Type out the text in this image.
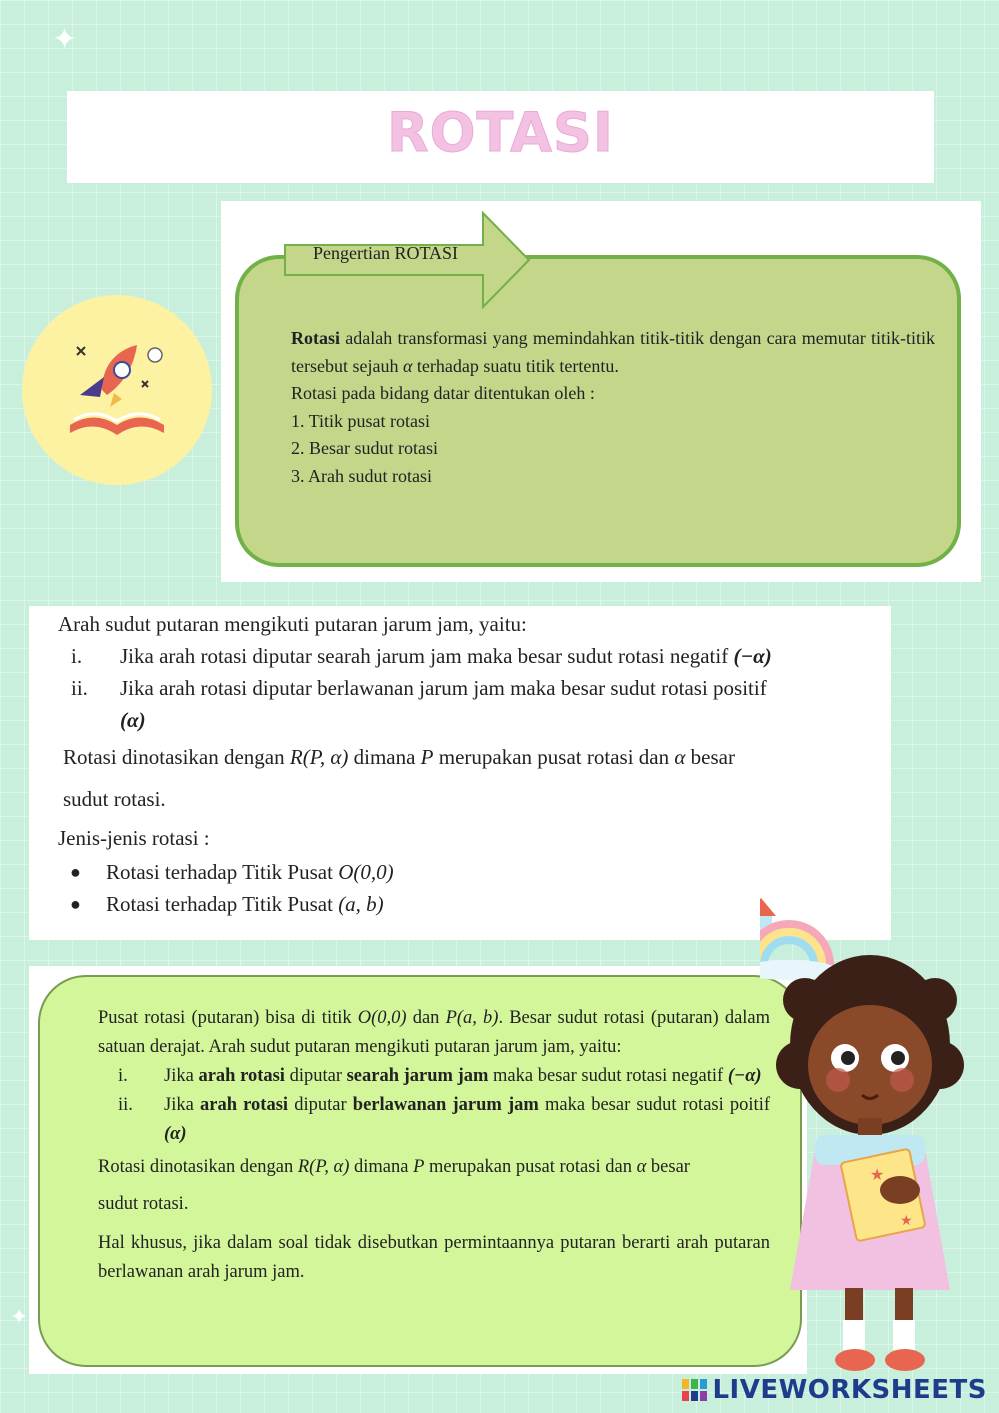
✦
✦
ROTASI
Pengertian ROTASI

Rotasi adalah transformasi yang memindahkan titik-titik dengan cara memutar titik-titik tersebut sejauh α terhadap suatu titik tertentu.

Rotasi pada bidang datar ditentukan oleh :

1. Titik pusat rotasi

2. Besar sudut rotasi

3. Arah sudut rotasi

Arah sudut putaran mengikuti putaran jarum jam, yaitu:
i. Jika arah rotasi diputar searah jarum jam maka besar sudut rotasi negatif (−α)
ii. Jika arah rotasi diputar berlawanan jarum jam maka besar sudut rotasi positif
(α)
Rotasi dinotasikan dengan R(P, α) dimana P merupakan pusat rotasi dan α besar
sudut rotasi.
Jenis-jenis rotasi :
● Rotasi terhadap Titik Pusat O(0,0)
● Rotasi terhadap Titik Pusat (a, b)

Pusat rotasi (putaran) bisa di titik O(0,0) dan P(a, b). Besar sudut rotasi (putaran) dalam satuan derajat. Arah sudut putaran mengikuti putaran jarum jam, yaitu:

i. Jika arah rotasi diputar searah jarum jam maka besar sudut rotasi negatif (−α)

ii. Jika arah rotasi diputar berlawanan jarum jam maka besar sudut rotasi poitif (α)

Rotasi dinotasikan dengan R(P, α) dimana P merupakan pusat rotasi dan α besar sudut rotasi.

Hal khusus, jika dalam soal tidak disebutkan permintaannya putaran berarti arah putaran berlawanan arah jarum jam.

★
★
LIVEWORKSHEETS
